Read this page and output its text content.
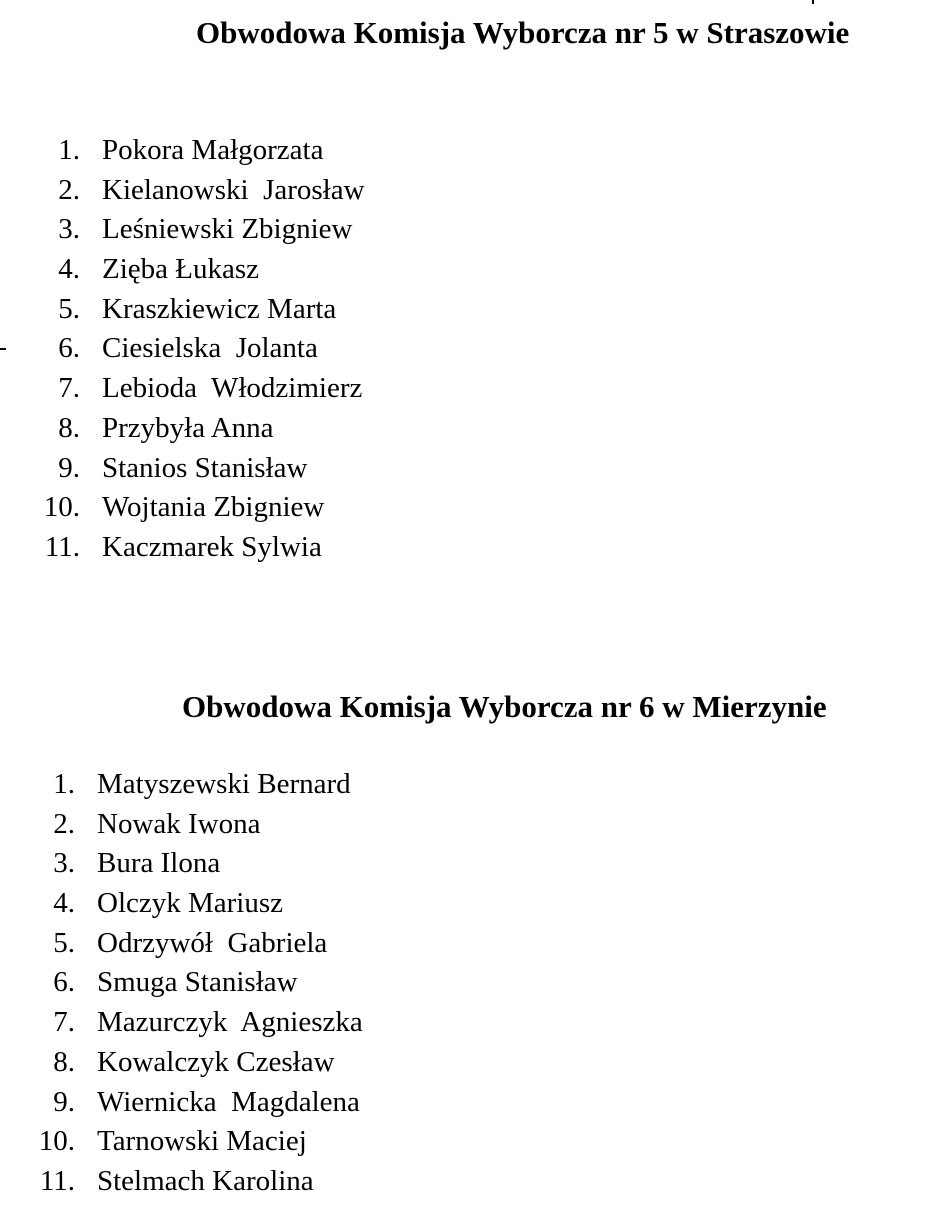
Obwodowa Komisja Wyborcza nr 5 w Straszowie
1. Pokora Małgorzata
2. Kielanowski  Jarosław
3. Leśniewski Zbigniew
4. Zięba Łukasz
5. Kraszkiewicz Marta
6. Ciesielska  Jolanta
7. Lebioda  Włodzimierz
8. Przybyła Anna
9. Stanios Stanisław
10. Wojtania Zbigniew
11. Kaczmarek Sylwia
Obwodowa Komisja Wyborcza nr 6 w Mierzynie
1. Matyszewski Bernard
2. Nowak Iwona
3. Bura Ilona
4. Olczyk Mariusz
5. Odrzywół  Gabriela
6. Smuga Stanisław
7. Mazurczyk  Agnieszka
8. Kowalczyk Czesław
9. Wiernicka  Magdalena
10. Tarnowski Maciej
11. Stelmach Karolina
